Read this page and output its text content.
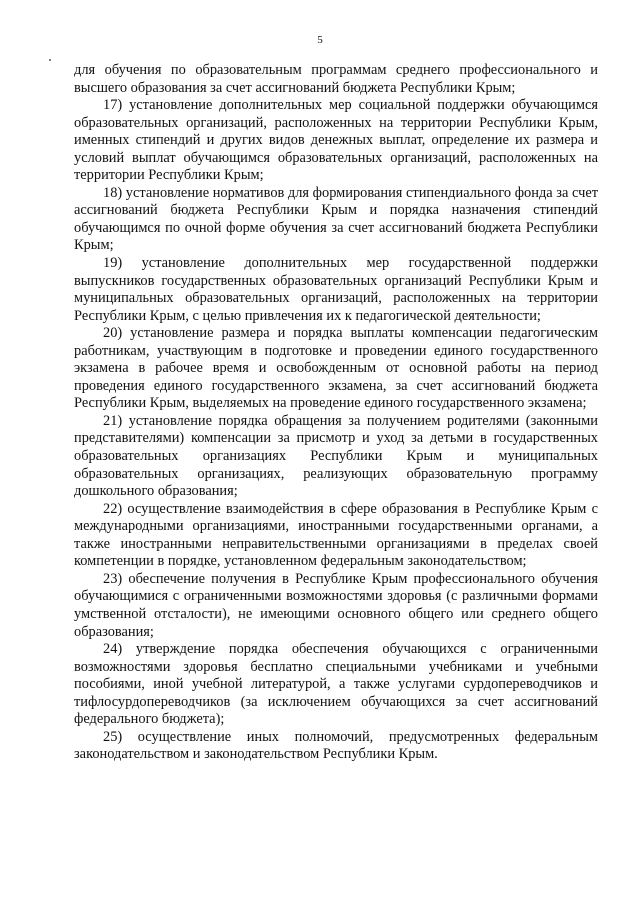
5

для обучения по образовательным программам среднего профессионального и высшего образования за счет ассигнований бюджета Республики Крым;

17) установление дополнительных мер социальной поддержки обучающимся образовательных организаций, расположенных на территории Республики Крым, именных стипендий и других видов денежных выплат, определение их размера и условий выплат обучающимся образовательных организаций, расположенных на территории Республики Крым;

18) установление нормативов для формирования стипендиального фонда за счет ассигнований бюджета Республики Крым и порядка назначения стипендий обучающимся по очной форме обучения за счет ассигнований бюджета Республики Крым;

19) установление дополнительных мер государственной поддержки выпускников государственных образовательных организаций Республики Крым и муниципальных образовательных организаций, расположенных на территории Республики Крым, с целью привлечения их к педагогической деятельности;

20) установление размера и порядка выплаты компенсации педагогическим работникам, участвующим в подготовке и проведении единого государственного экзамена в рабочее время и освобожденным от основной работы на период проведения единого государственного экзамена, за счет ассигнований бюджета Республики Крым, выделяемых на проведение единого государственного экзамена;

21) установление порядка обращения за получением родителями (законными представителями) компенсации за присмотр и уход за детьми в государственных образовательных организациях Республики Крым и муниципальных образовательных организациях, реализующих образовательную программу дошкольного образования;

22) осуществление взаимодействия в сфере образования в Республике Крым с международными организациями, иностранными государственными органами, а также иностранными неправительственными организациями в пределах своей компетенции в порядке, установленном федеральным законодательством;

23) обеспечение получения в Республике Крым профессионального обучения обучающимися с ограниченными возможностями здоровья (с различными формами умственной отсталости), не имеющими основного общего или среднего общего образования;

24) утверждение порядка обеспечения обучающихся с ограниченными возможностями здоровья бесплатно специальными учебниками и учебными пособиями, иной учебной литературой, а также услугами сурдопереводчиков и тифлосурдопереводчиков (за исключением обучающихся за счет ассигнований федерального бюджета);

25) осуществление иных полномочий, предусмотренных федеральным законодательством и законодательством Республики Крым.
